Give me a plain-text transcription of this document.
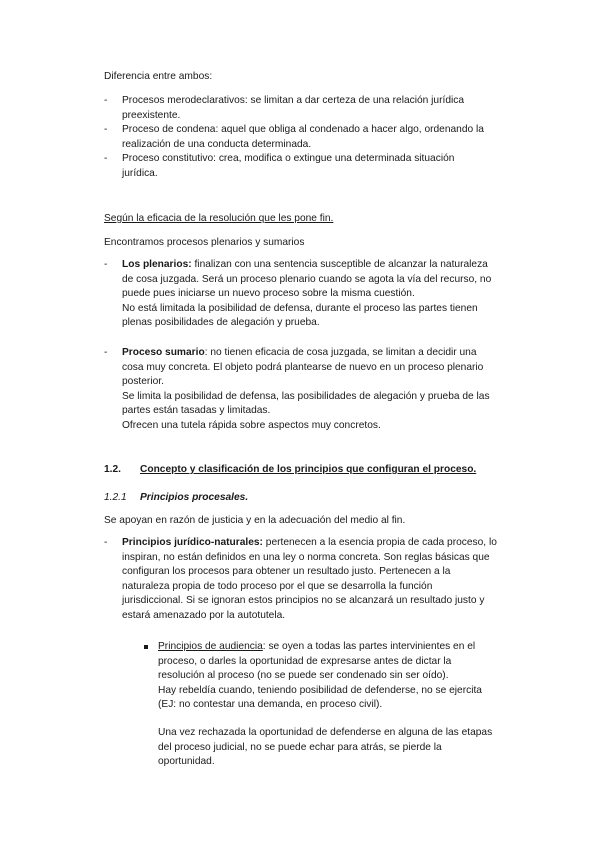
Diferencia entre ambos:
- Procesos merodeclarativos: se limitan a dar certeza de una relación jurídica
preexistente.
- Proceso de condena: aquel que obliga al condenado a hacer algo, ordenando la
realización de una conducta determinada.
- Proceso constitutivo: crea, modifica o extingue una determinada situación
jurídica.
Según la eficacia de la resolución que les pone fin.
Encontramos procesos plenarios y sumarios
- Los plenarios: finalizan con una sentencia susceptible de alcanzar la naturaleza
de cosa juzgada. Será un proceso plenario cuando se agota la vía del recurso, no
puede pues iniciarse un nuevo proceso sobre la misma cuestión.
No está limitada la posibilidad de defensa, durante el proceso las partes tienen
plenas posibilidades de alegación y prueba.
- Proceso sumario: no tienen eficacia de cosa juzgada, se limitan a decidir una
cosa muy concreta. El objeto podrá plantearse de nuevo en un proceso plenario
posterior.
Se limita la posibilidad de defensa, las posibilidades de alegación y prueba de las
partes están tasadas y limitadas.
Ofrecen una tutela rápida sobre aspectos muy concretos.
1.2. Concepto y clasificación de los principios que configuran el proceso.
1.2.1 Principios procesales.
Se apoyan en razón de justicia y en la adecuación del medio al fin.
- Principios jurídico-naturales: pertenecen a la esencia propia de cada proceso, lo
inspiran, no están definidos en una ley o norma concreta. Son reglas básicas que
configuran los procesos para obtener un resultado justo. Pertenecen a la
naturaleza propia de todo proceso por el que se desarrolla la función
jurisdiccional. Si se ignoran estos principios no se alcanzará un resultado justo y
estará amenazado por la autotutela.
Principios de audiencia: se oyen a todas las partes intervinientes en el
proceso, o darles la oportunidad de expresarse antes de dictar la
resolución al proceso (no se puede ser condenado sin ser oído).
Hay rebeldía cuando, teniendo posibilidad de defenderse, no se ejercita
(EJ: no contestar una demanda, en proceso civil).
Una vez rechazada la oportunidad de defenderse en alguna de las etapas
del proceso judicial, no se puede echar para atrás, se pierde la
oportunidad.
